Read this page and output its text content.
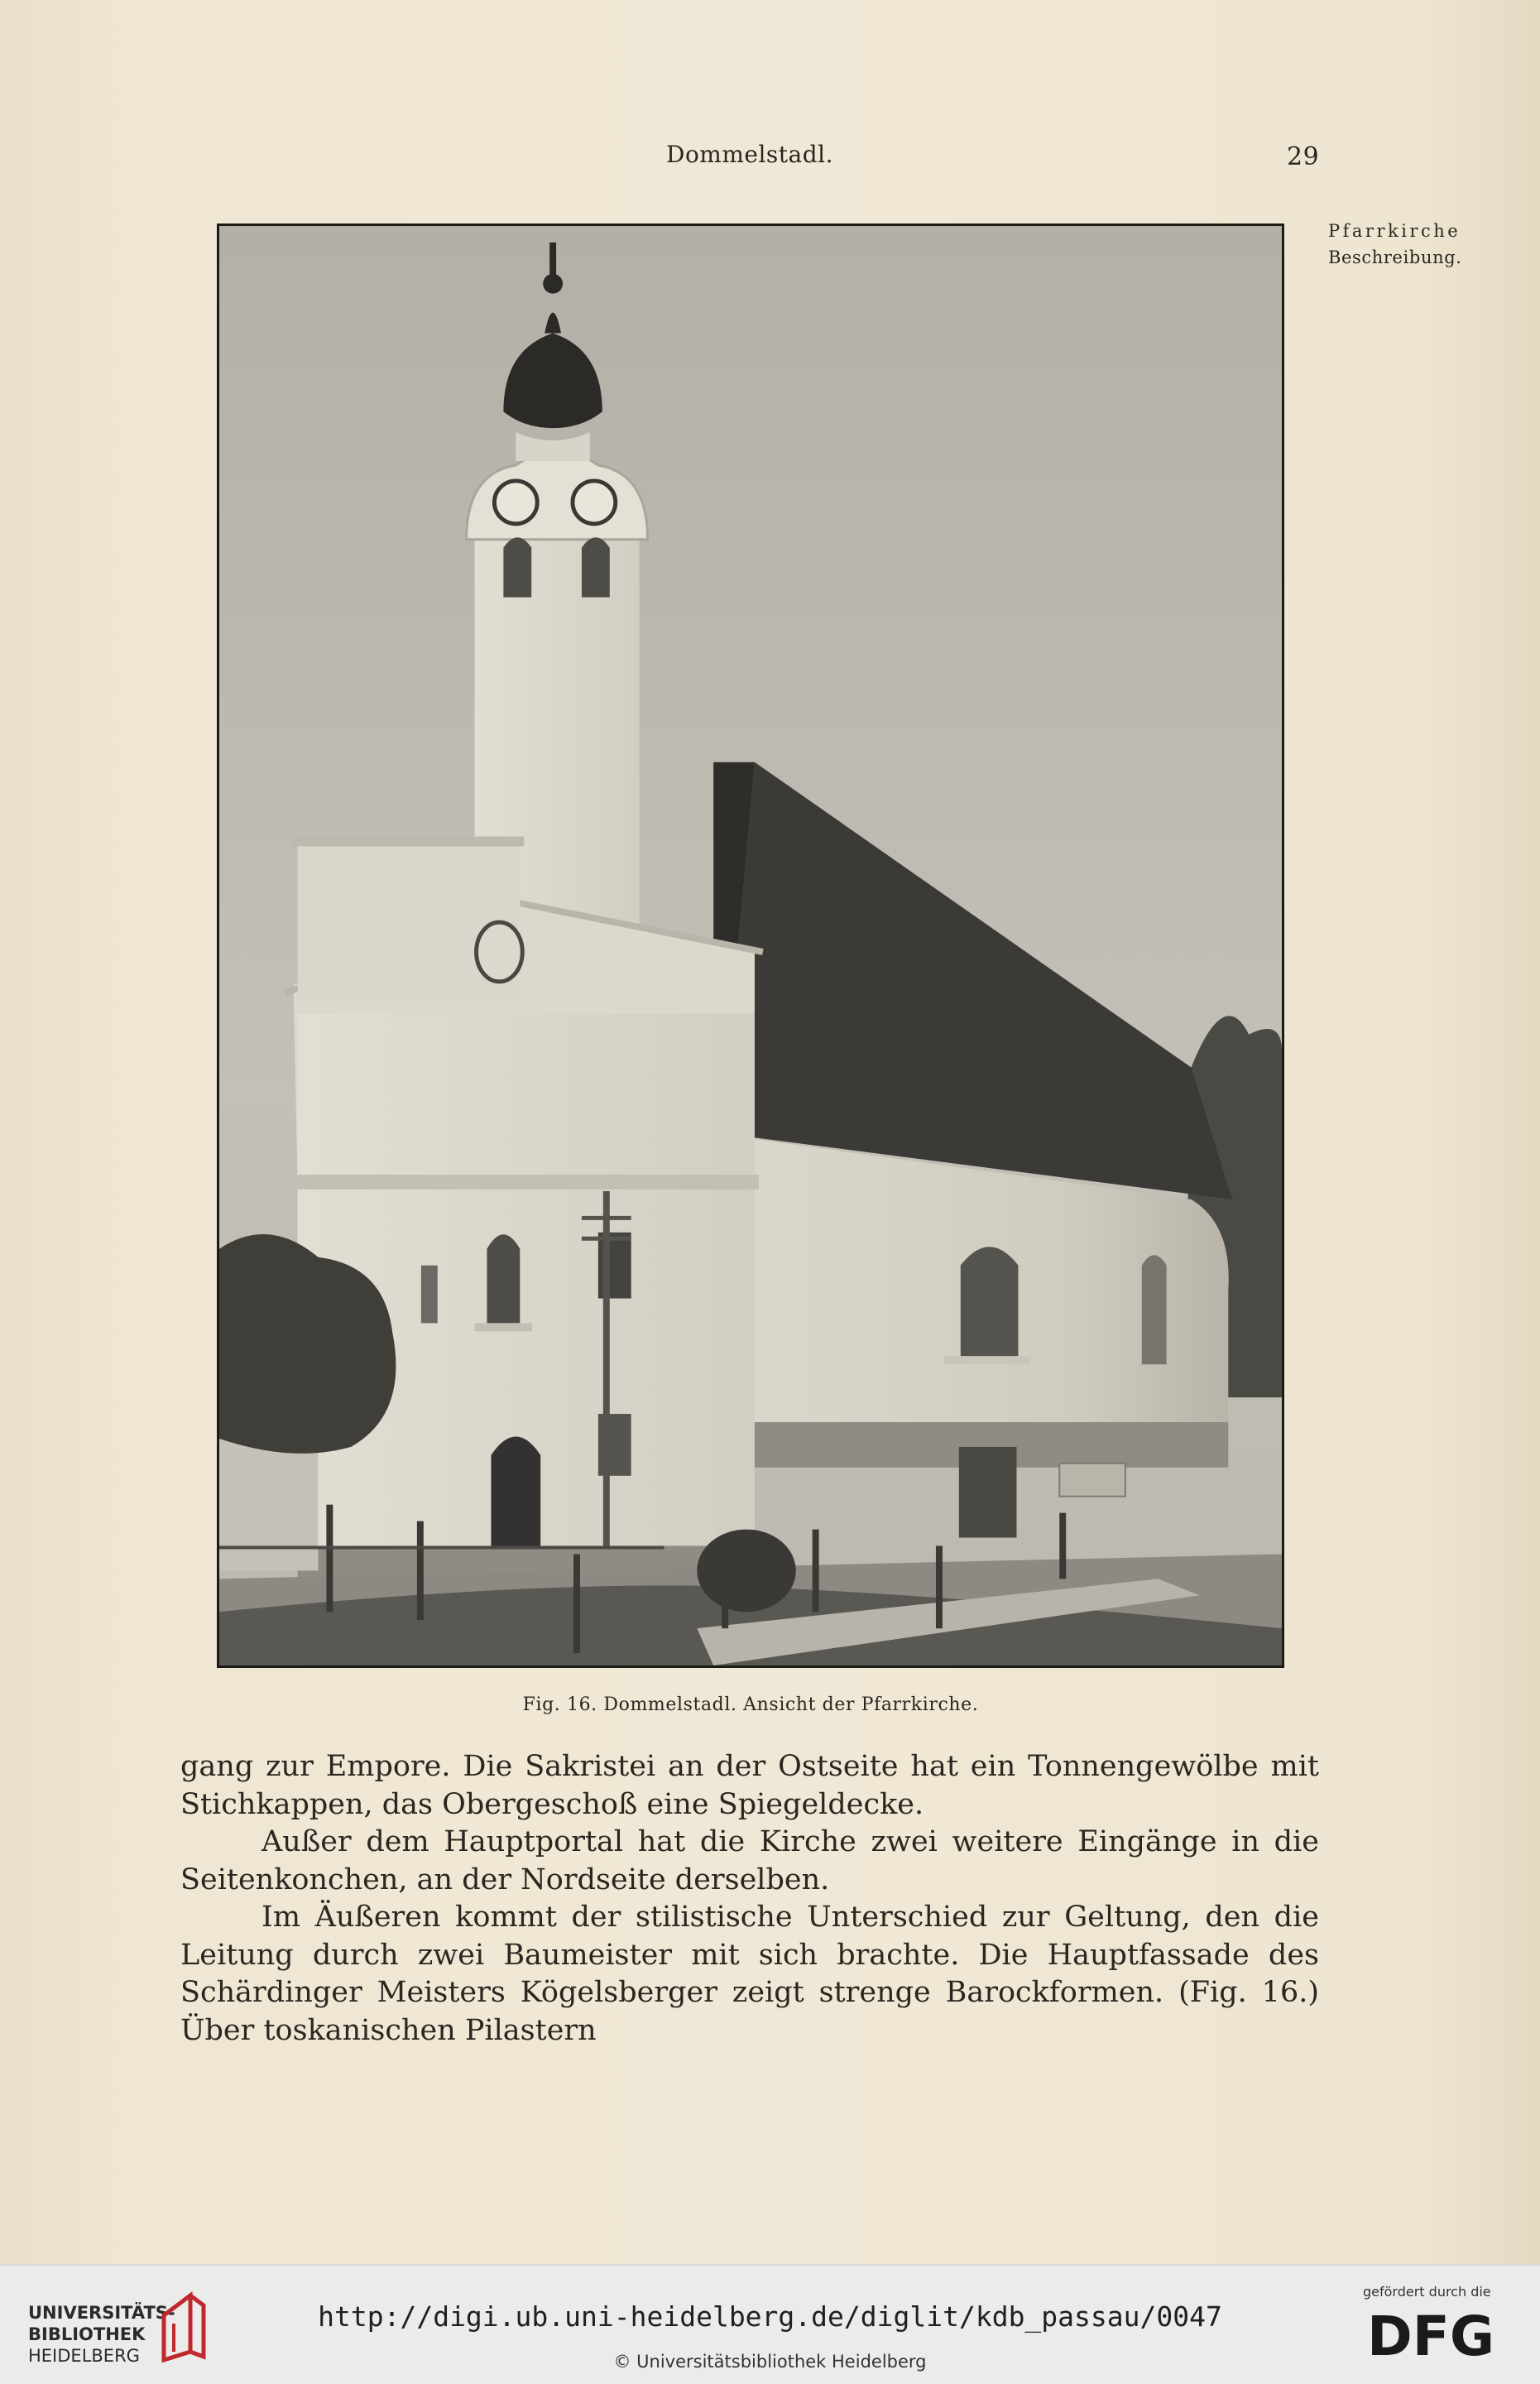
Dommelstadl.	29
Pfarrkirche
Beschreibung.
Fig. 16. Dommelstadl. Ansicht der Pfarrkirche.

gang zur Empore. Die Sakristei an der Ostseite hat ein Tonnengewölbe mit Stichkappen, das Obergeschoß eine Spiegeldecke.

Außer dem Hauptportal hat die Kirche zwei weitere Eingänge in die Seitenkonchen, an der Nordseite derselben.

Im Äußeren kommt der stilistische Unterschied zur Geltung, den die Leitung durch zwei Baumeister mit sich brachte. Die Hauptfassade des Schärdinger Meisters Kögelsberger zeigt strenge Barockformen. (Fig. 16.) Über toskanischen Pilastern

UNIVERSITÄTS-
BIBLIOTHEK
HEIDELBERG
http://digi.ub.uni-heidelberg.de/diglit/kdb_passau/0047
© Universitätsbibliothek Heidelberg
gefördert durch die
DFG
